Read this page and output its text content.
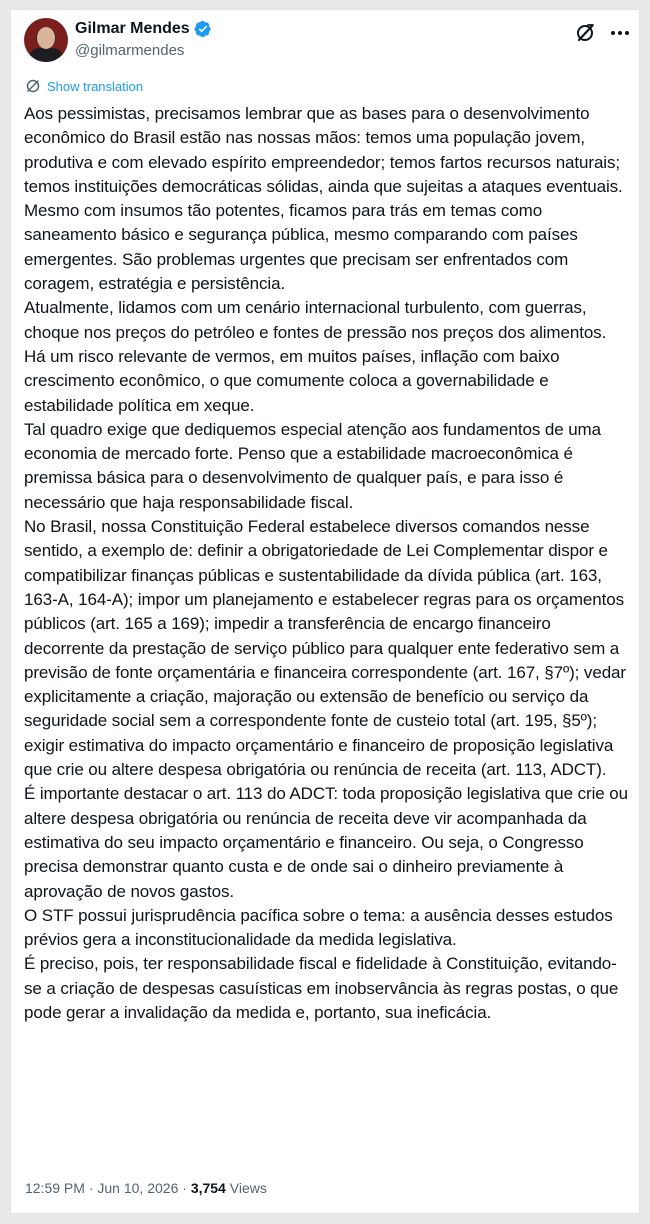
Gilmar Mendes
@gilmarmendes
Show translation

Aos pessimistas, precisamos lembrar que as bases para o desenvolvimento econômico do Brasil estão nas nossas mãos: temos uma população jovem, produtiva e com elevado espírito empreendedor; temos fartos recursos naturais; temos instituições democráticas sólidas, ainda que sujeitas a ataques eventuais.

Mesmo com insumos tão potentes, ficamos para trás em temas como saneamento básico e segurança pública, mesmo comparando com países emergentes. São problemas urgentes que precisam ser enfrentados com coragem, estratégia e persistência.

Atualmente, lidamos com um cenário internacional turbulento, com guerras, choque nos preços do petróleo e fontes de pressão nos preços dos alimentos. Há um risco relevante de vermos, em muitos países, inflação com baixo crescimento econômico, o que comumente coloca a governabilidade e estabilidade política em xeque.

Tal quadro exige que dediquemos especial atenção aos fundamentos de uma economia de mercado forte. Penso que a estabilidade macroeconômica é premissa básica para o desenvolvimento de qualquer país, e para isso é necessário que haja responsabilidade fiscal.

No Brasil, nossa Constituição Federal estabelece diversos comandos nesse sentido, a exemplo de: definir a obrigatoriedade de Lei Complementar dispor e compatibilizar finanças públicas e sustentabilidade da dívida pública (art. 163, 163-A, 164-A); impor um planejamento e estabelecer regras para os orçamentos públicos (art. 165 a 169); impedir a transferência de encargo financeiro decorrente da prestação de serviço público para qualquer ente federativo sem a previsão de fonte orçamentária e financeira correspondente (art. 167, §7º); vedar explicitamente a criação, majoração ou extensão de benefício ou serviço da seguridade social sem a correspondente fonte de custeio total (art. 195, §5º); exigir estimativa do impacto orçamentário e financeiro de proposição legislativa que crie ou altere despesa obrigatória ou renúncia de receita (art. 113, ADCT).

É importante destacar o art. 113 do ADCT: toda proposição legislativa que crie ou altere despesa obrigatória ou renúncia de receita deve vir acompanhada da estimativa do seu impacto orçamentário e financeiro. Ou seja, o Congresso precisa demonstrar quanto custa e de onde sai o dinheiro previamente à aprovação de novos gastos.

O STF possui jurisprudência pacífica sobre o tema: a ausência desses estudos prévios gera a inconstitucionalidade da medida legislativa.

É preciso, pois, ter responsabilidade fiscal e fidelidade à Constituição, evitando-se a criação de despesas casuísticas em inobservância às regras postas, o que pode gerar a invalidação da medida e, portanto, sua ineficácia.

12:59 PM · Jun 10, 2026 · 3,754 Views
